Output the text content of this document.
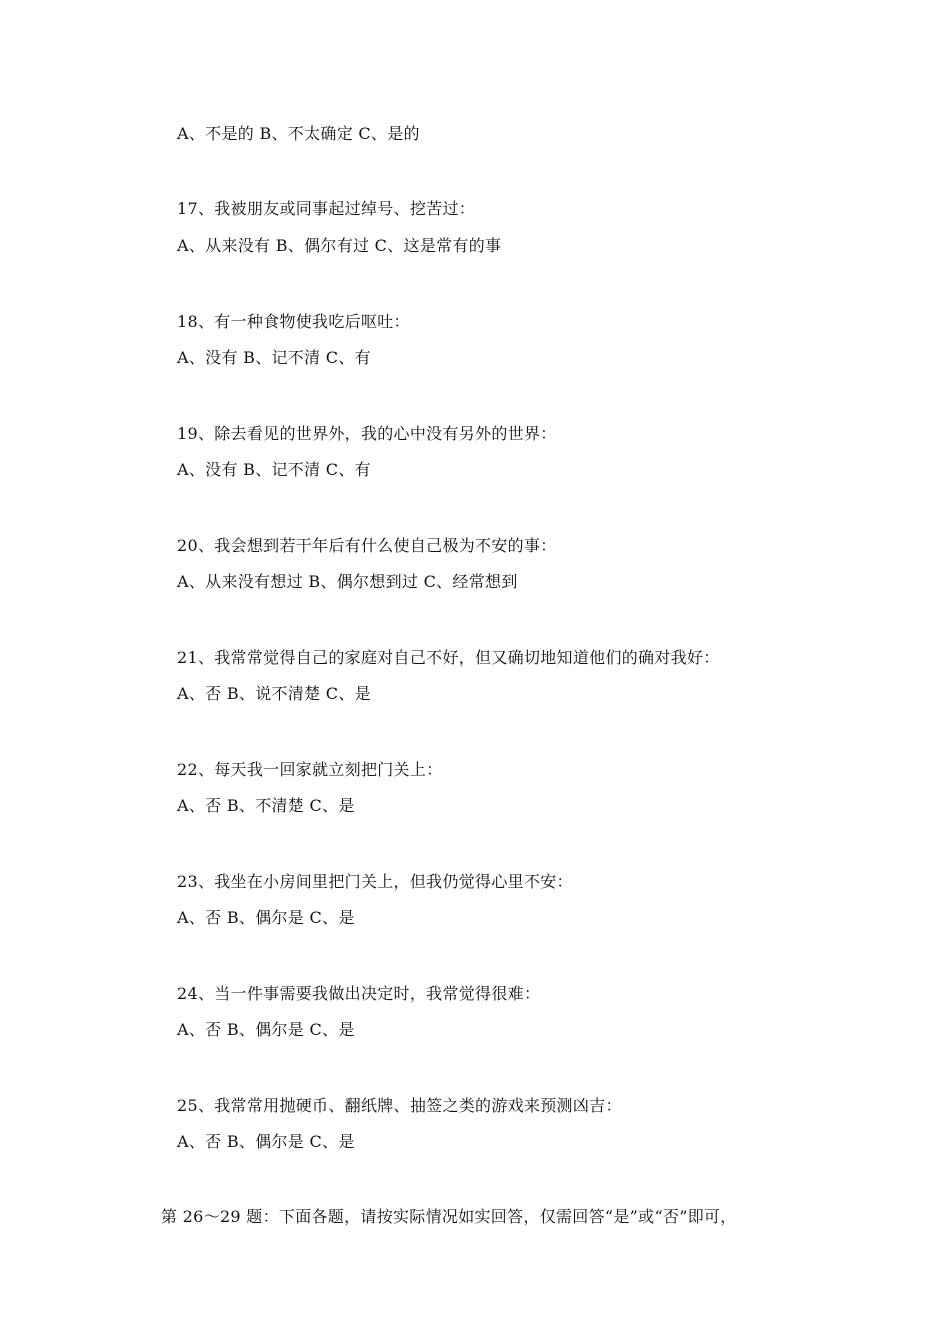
A、不是的 B、不太确定 C、是的
17、我被朋友或同事起过绰号、挖苦过：
A、从来没有 B、偶尔有过 C、这是常有的事
18、有一种食物使我吃后呕吐：
A、没有 B、记不清 C、有
19、除去看见的世界外，我的心中没有另外的世界：
A、没有 B、记不清 C、有
20、我会想到若干年后有什么使自己极为不安的事：
A、从来没有想过 B、偶尔想到过 C、经常想到
21、我常常觉得自己的家庭对自己不好，但又确切地知道他们的确对我好：
A、否 B、说不清楚 C、是
22、每天我一回家就立刻把门关上：
A、否 B、不清楚 C、是
23、我坐在小房间里把门关上，但我仍觉得心里不安：
A、否 B、偶尔是 C、是
24、当一件事需要我做出决定时，我常觉得很难：
A、否 B、偶尔是 C、是
25、我常常用抛硬币、翻纸牌、抽签之类的游戏来预测凶吉：
A、否 B、偶尔是 C、是
第 26～29 题：下面各题，请按实际情况如实回答，仅需回答“是”或“否”即可，
